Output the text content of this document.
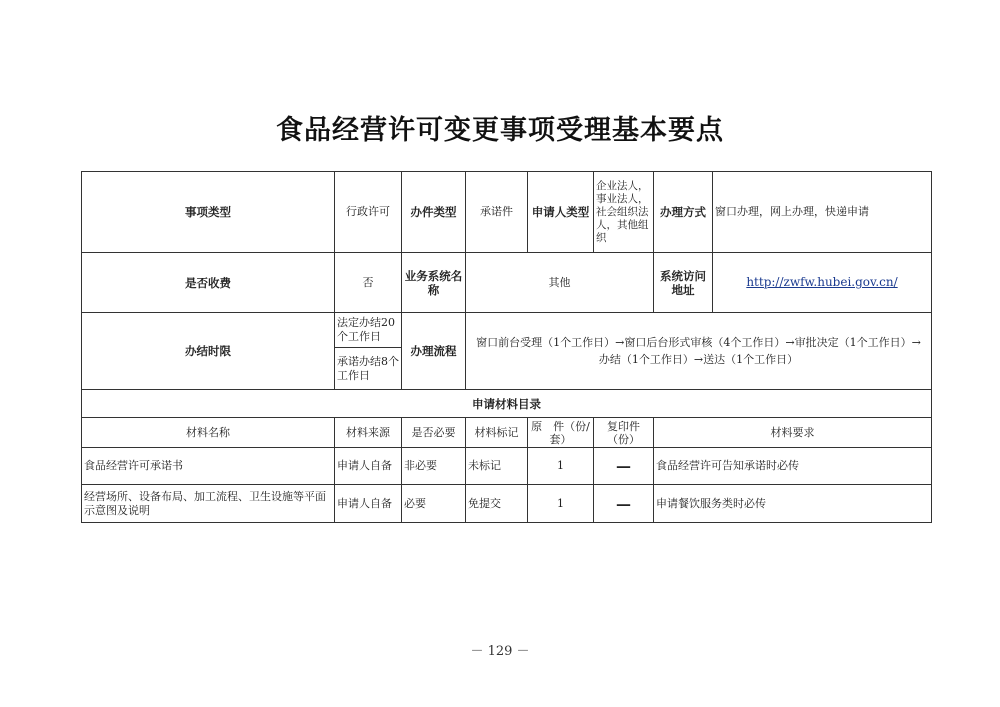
食品经营许可变更事项受理基本要点
事项类型	行政许可	办件类型	承诺件	申请人类型	企业法人，事业法人，社会组织法人，其他组织	办理方式	窗口办理，网上办理，快递申请
是否收费	否	业务系统名称	其他			系统访问地址	http://zwfw.hubei.gov.cn/
办结时限	法定办结20个工作日	办理流程	窗口前台受理（1个工作日）→窗口后台形式审核（4个工作日）→审批决定（1个工作日）→办结（1个工作日）→送达（1个工作日）				
	承诺办结8个工作日						
申请材料目录							
材料名称	材料来源	是否必要	材料标记	原　件（份/套）	复印件（份）	材料要求	
食品经营许可承诺书	申请人自备	非必要	未标记	1	—	食品经营许可告知承诺时必传	
经营场所、设备布局、加工流程、卫生设施等平面示意图及说明	申请人自备	必要	免提交	1	—	申请餐饮服务类时必传	
－ 129 －
